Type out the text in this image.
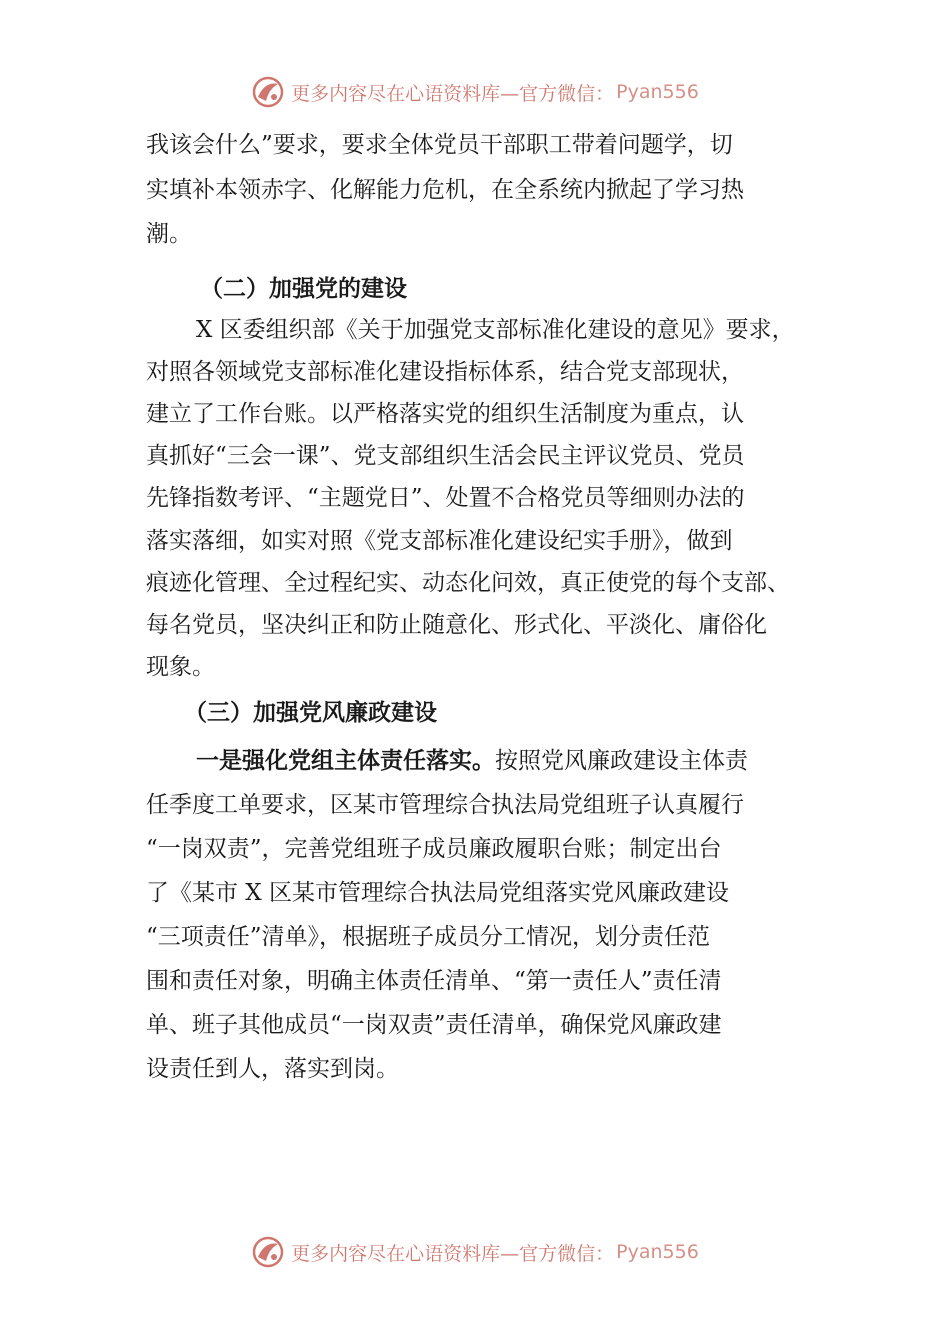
更多内容尽在心语资料库—官方微信： Pyan556
我该会什么”要求，要求全体党员干部职工带着问题学，切
实填补本领赤字、化解能力危机，在全系统内掀起了学习热
潮。
（二）加强党的建设
X 区委组织部《关于加强党支部标准化建设的意见》要求，
对照各领域党支部标准化建设指标体系，结合党支部现状，
建立了工作台账。以严格落实党的组织生活制度为重点，认
真抓好“三会一课”、党支部组织生活会民主评议党员、党员
先锋指数考评、“主题党日”、处置不合格党员等细则办法的
落实落细，如实对照《党支部标准化建设纪实手册》，做到
痕迹化管理、全过程纪实、动态化问效，真正使党的每个支部、
每名党员，坚决纠正和防止随意化、形式化、平淡化、庸俗化
现象。
（三）加强党风廉政建设
一是强化党组主体责任落实。按照党风廉政建设主体责
任季度工单要求，区某市管理综合执法局党组班子认真履行
“一岗双责”，完善党组班子成员廉政履职台账；制定出台
了《某市 X 区某市管理综合执法局党组落实党风廉政建设
“三项责任”清单》，根据班子成员分工情况，划分责任范
围和责任对象，明确主体责任清单、“第一责任人”责任清
单、班子其他成员“一岗双责”责任清单，确保党风廉政建
设责任到人，落实到岗。
更多内容尽在心语资料库—官方微信： Pyan556
